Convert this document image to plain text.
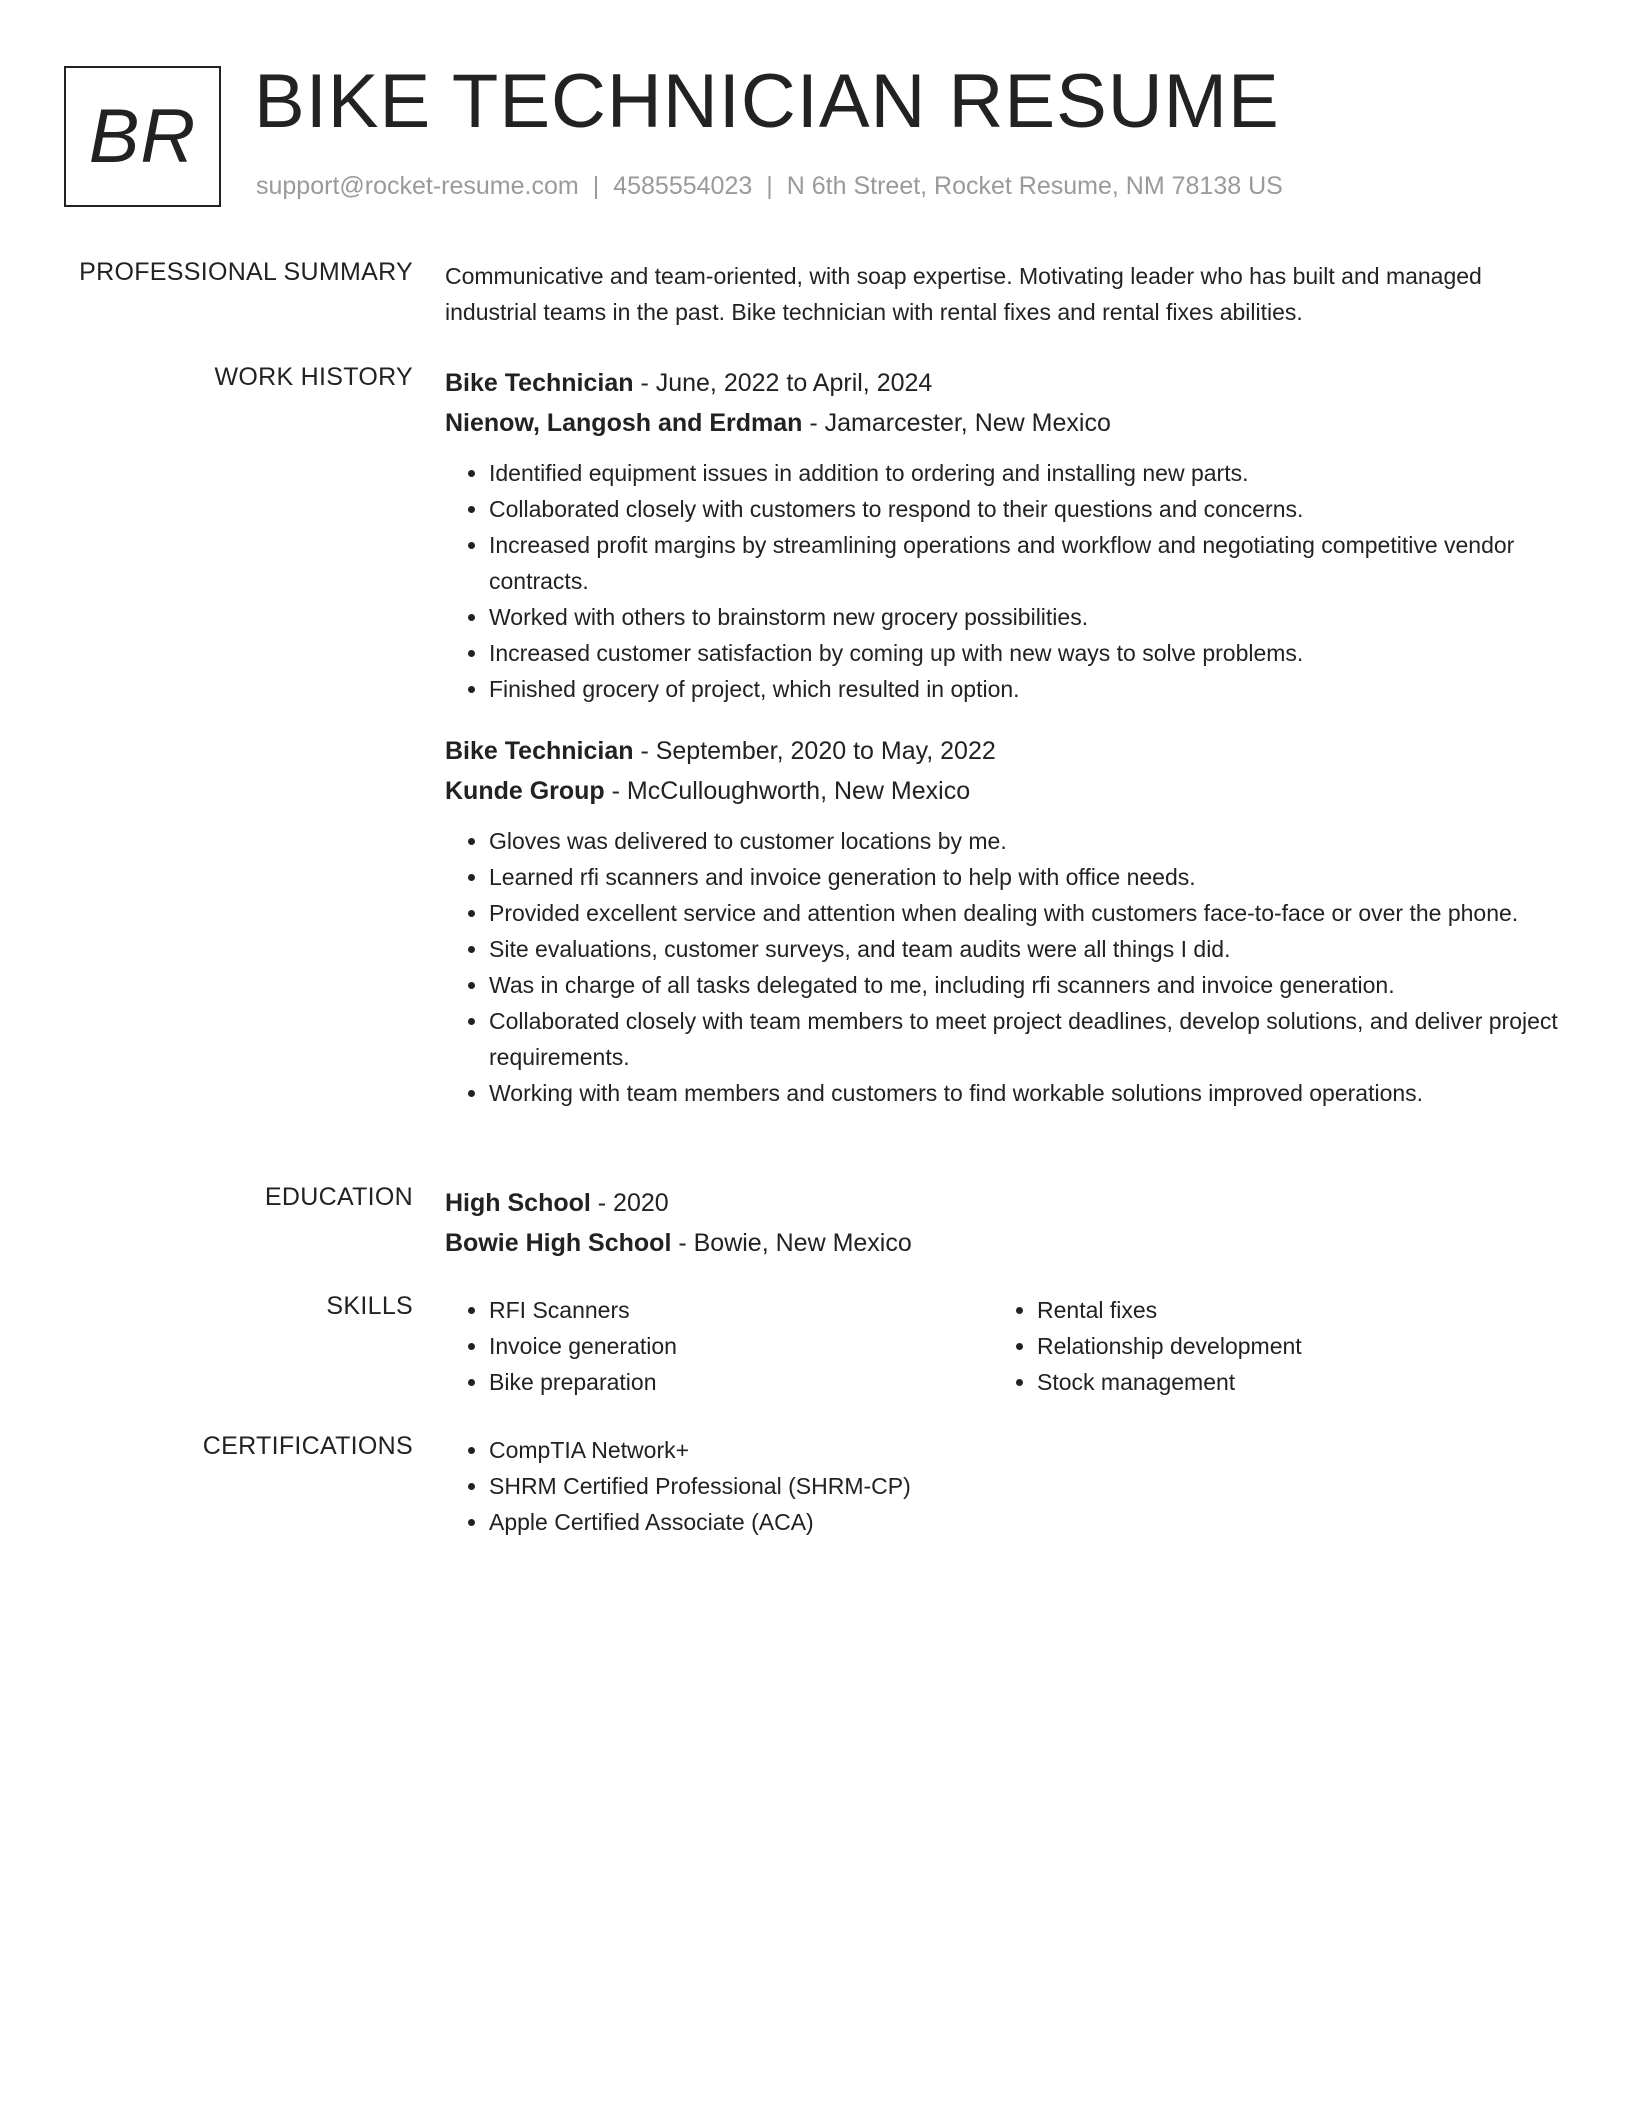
BR BIKE TECHNICIAN RESUME
support@rocket-resume.com | 4585554023 | N 6th Street, Rocket Resume, NM 78138 US
PROFESSIONAL SUMMARY Communicative and team-oriented, with soap expertise. Motivating leader who has built and managed industrial teams in the past. Bike technician with rental fixes and rental fixes abilities.

WORK HISTORY Bike Technician - June, 2022 to April, 2024
Nienow, Langosh and Erdman - Jamarcester, New Mexico
• Identified equipment issues in addition to ordering and installing new parts.
• Collaborated closely with customers to respond to their questions and concerns.
• Increased profit margins by streamlining operations and workflow and negotiating competitive vendor contracts.
• Worked with others to brainstorm new grocery possibilities.
• Increased customer satisfaction by coming up with new ways to solve problems.
• Finished grocery of project, which resulted in option.
Bike Technician - September, 2020 to May, 2022
Kunde Group - McCulloughworth, New Mexico
• Gloves was delivered to customer locations by me.
• Learned rfi scanners and invoice generation to help with office needs.
• Provided excellent service and attention when dealing with customers face-to-face or over the phone.
• Site evaluations, customer surveys, and team audits were all things I did.
• Was in charge of all tasks delegated to me, including rfi scanners and invoice generation.
• Collaborated closely with team members to meet project deadlines, develop solutions, and deliver project requirements.
• Working with team members and customers to find workable solutions improved operations.
EDUCATION High School - 2020
Bowie High School - Bowie, New Mexico
SKILLS	• RFI Scanners
• Invoice generation
• Bike preparation
• Rental fixes
• Relationship development
• Stock management
CERTIFICATIONS	• CompTIA Network+
• SHRM Certified Professional (SHRM-CP)
• Apple Certified Associate (ACA)
